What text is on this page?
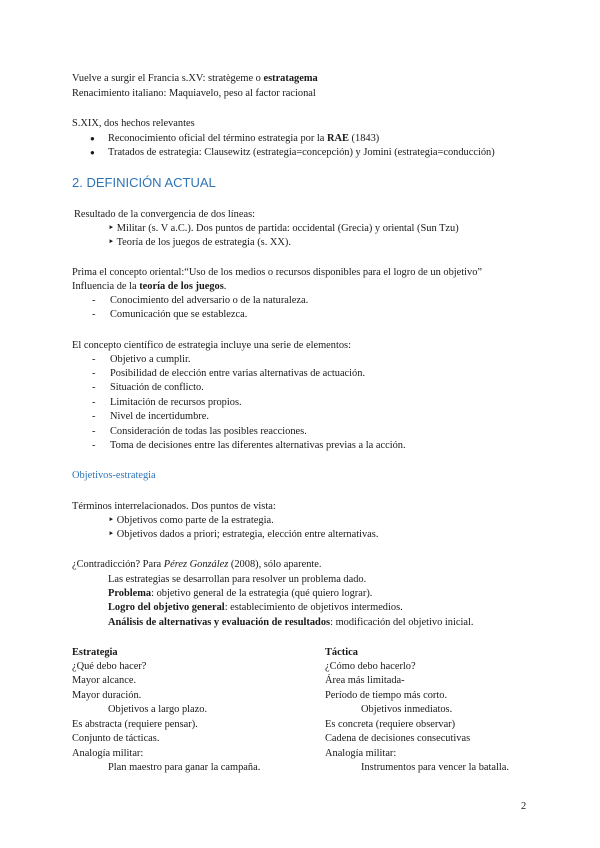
Vuelve a surgir el Francia s.XV: stratègeme o estratagema
Renacimiento italiano: Maquiavelo, peso al factor racional
S.XIX, dos hechos relevantes
● Reconocimiento oficial del término estrategia por la RAE (1843)
● Tratados de estrategia: Clausewitz (estrategia=concepción) y Jomini (estrategia=conducción)
2. DEFINICIÓN ACTUAL
Resultado de la convergencia de dos líneas:
‣ Militar (s. V a.C.). Dos puntos de partida: occidental (Grecia) y oriental (Sun Tzu)
‣ Teoría de los juegos de estrategia (s. XX).
Prima el concepto oriental:“Uso de los medios o recursos disponibles para el logro de un objetivo”
Influencia de la teoría de los juegos.
- Conocimiento del adversario o de la naturaleza.
- Comunicación que se establezca.
El concepto científico de estrategia incluye una serie de elementos:
- Objetivo a cumplir.
- Posibilidad de elección entre varias alternativas de actuación.
- Situación de conflicto.
- Limitación de recursos propios.
- Nivel de incertidumbre.
- Consideración de todas las posibles reacciones.
- Toma de decisiones entre las diferentes alternativas previas a la acción.
Objetivos-estrategia
Términos interrelacionados. Dos puntos de vista:
‣ Objetivos como parte de la estrategia.
‣ Objetivos dados a priori; estrategia, elección entre alternativas.
¿Contradicción? Para Pérez González (2008), sólo aparente.
Las estrategias se desarrollan para resolver un problema dado.
Problema: objetivo general de la estrategia (qué quiero lograr).
Logro del objetivo general: establecimiento de objetivos intermedios.
Análisis de alternativas y evaluación de resultados: modificación del objetivo inicial.
Estrategia
¿Qué debo hacer?
Mayor alcance.
Mayor duración.
Objetivos a largo plazo.
Es abstracta (requiere pensar).
Conjunto de tácticas.
Analogía militar:
Plan maestro para ganar la campaña.
Táctica
¿Cómo debo hacerlo?
Área más limitada-
Período de tiempo más corto.
Objetivos inmediatos.
Es concreta (requiere observar)
Cadena de decisiones consecutivas
Analogía militar:
Instrumentos para vencer la batalla.
2
